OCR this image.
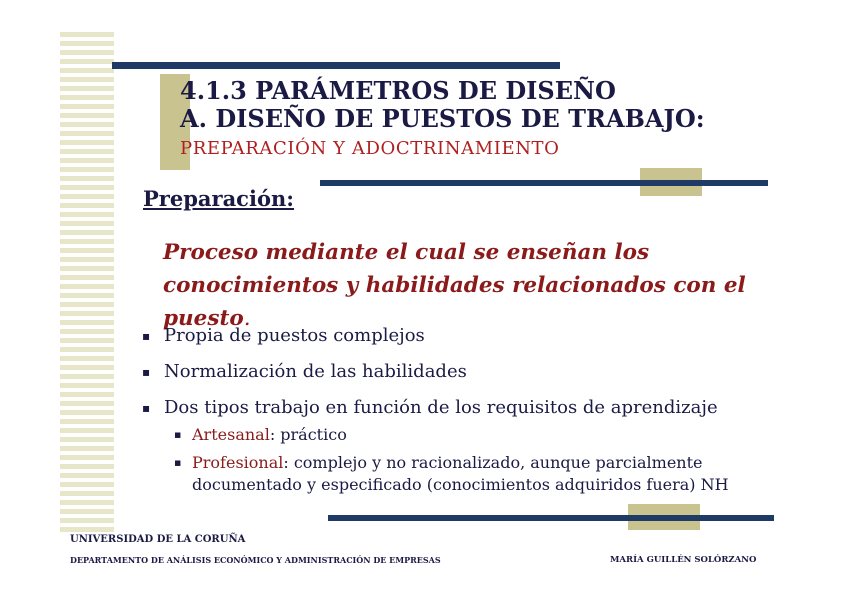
4.1.3 PARÁMETROS DE DISEÑO
A. DISEÑO DE PUESTOS DE TRABAJO:
PREPARACIÓN Y ADOCTRINAMIENTO
Preparación:
Proceso mediante el cual se enseñan los conocimientos y habilidades relacionados con el puesto.
▪ Propia de puestos complejos
▪ Normalización de las habilidades
▪ Dos tipos trabajo en función de los requisitos de aprendizaje
▪ Artesanal: práctico
▪ Profesional: complejo y no racionalizado, aunque parcialmente documentado y especificado (conocimientos adquiridos fuera) NH
UNIVERSIDAD DE LA CORUÑA
DEPARTAMENTO DE ANÁLISIS ECONÓMICO Y ADMINISTRACIÓN DE EMPRESAS	MARÍA GUILLÉN SOLÓRZANO
